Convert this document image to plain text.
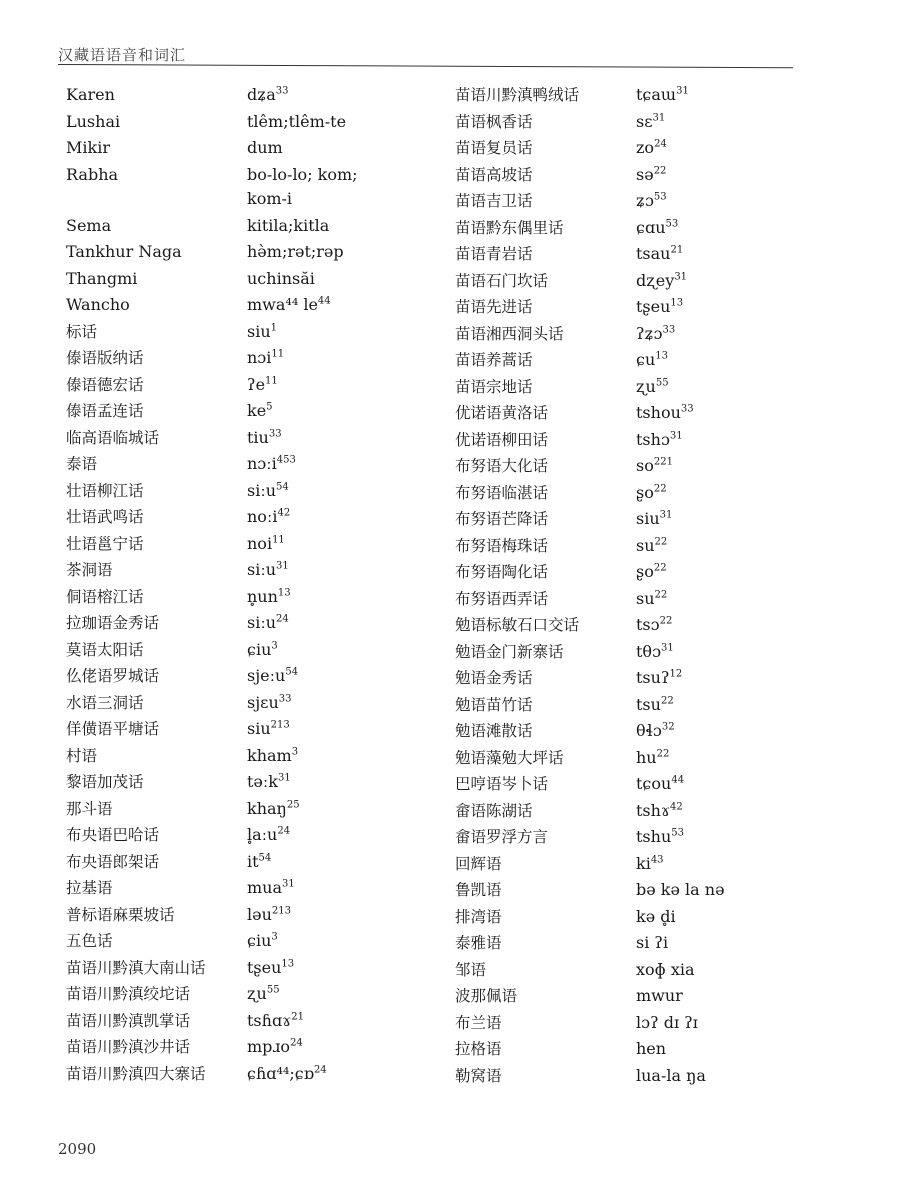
汉藏语语音和词汇
Karen	dʑa$^{33}$
Lushai	tlêm;tlêm-te
Mikir	dum
Rabha	bo-lo-lo; kom;
kom-i
Sema	kitila;kitla
Tankhur Naga	hə̀m;rət;rəp
Thangmi	uchinsăi
Wancho	mwa⁴⁴ $le^{44}$
标话	siu$^1$
傣语版纳话	nɔi$^{11}$
傣语德宏话	ʔe$^{11}$
傣语孟连话	$ke^5$
临高语临城话	tiu$^{33}$
泰语	nɔːi$^{453}$
壮语柳江话	siːu$^{54}$
壮语武鸣话	noːi$^{42}$
壮语邕宁话	noi$^{11}$
茶洞语	siːu$^{31}$
侗语榕江话	$n̥un^{13}$
拉珈语金秀话	siːu$^{24}$
莫语太阳话	ɕiu$^3$
仫佬语罗城话	sjeːu$^{54}$
水语三洞话	sjɛu$^{33}$
佯僙语平塘话	siu$^{213}$
村语	kham$^3$
黎语加茂话	təːk$^{31}$
那斗语	khaŋ$^{25}$
布央语巴哈话	l̥aːu$^{24}$
布央语郎架话	$it^{54}$
拉基语	mua$^{31}$
普标语麻栗坡话	ləu$^{213}$
五色话	ɕiu$^3$
苗语川黔滇大南山话	tʂeu$^{13}$
苗语川黔滇绞坨话	ʐu$^{55}$
苗语川黔滇凯掌话	tsɦɑɤ$^{21}$
苗语川黔滇沙井话	mpɹo$^{24}$
苗语川黔滇四大寨话	ɕɦɑ⁴⁴;ɕɒ$^{24}$
苗语川黔滇鸭绒话	tɕaɯ$^{31}$
苗语枫香话	sɛ$^{31}$
苗语复员话	$zo^{24}$
苗语高坡话	sə$^{22}$
苗语吉卫话	ʑɔ$^{53}$
苗语黔东偶里话	ɕɑu$^{53}$
苗语青岩话	tsau$^{21}$
苗语石门坎话	dʐey$^{31}$
苗语先进话	tʂeu$^{13}$
苗语湘西洞头话	ʔʑɔ$^{33}$
苗语养蒿话	ɕu$^{13}$
苗语宗地话	ʐu$^{55}$
优诺语黄洛话	tshou$^{33}$
优诺语柳田话	tshɔ$^{31}$
布努语大化话	$so^{221}$
布努语临湛话	ʂo$^{22}$
布努语芒降话	siu$^{31}$
布努语梅珠话	$su^{22}$
布努语陶化话	ʂo$^{22}$
布努语西弄话	$su^{22}$
勉语标敏石口交话	tsɔ$^{22}$
勉语金门新寨话	tθɔ$^{31}$
勉语金秀话	tsuʔ$^{12}$
勉语苗竹话	tsu$^{22}$
勉语滩散话	θɬɔ$^{32}$
勉语藻勉大坪话	$hu^{22}$
巴哼语岑卜话	tɕou$^{44}$
畲语陈湖话	tshɤ$^{42}$
畲语罗浮方言	tshu$^{53}$
回辉语	$ki^{43}$
鲁凯语	bə kə la nə
排湾语	kə d̥i
泰雅语	si ʔi
邹语	xoɸ xia
波那佩语	mwur
布兰语	lɔʔ dɪ ʔɪ
拉格语	hen
勒窝语	lua-la ŋa
2090
